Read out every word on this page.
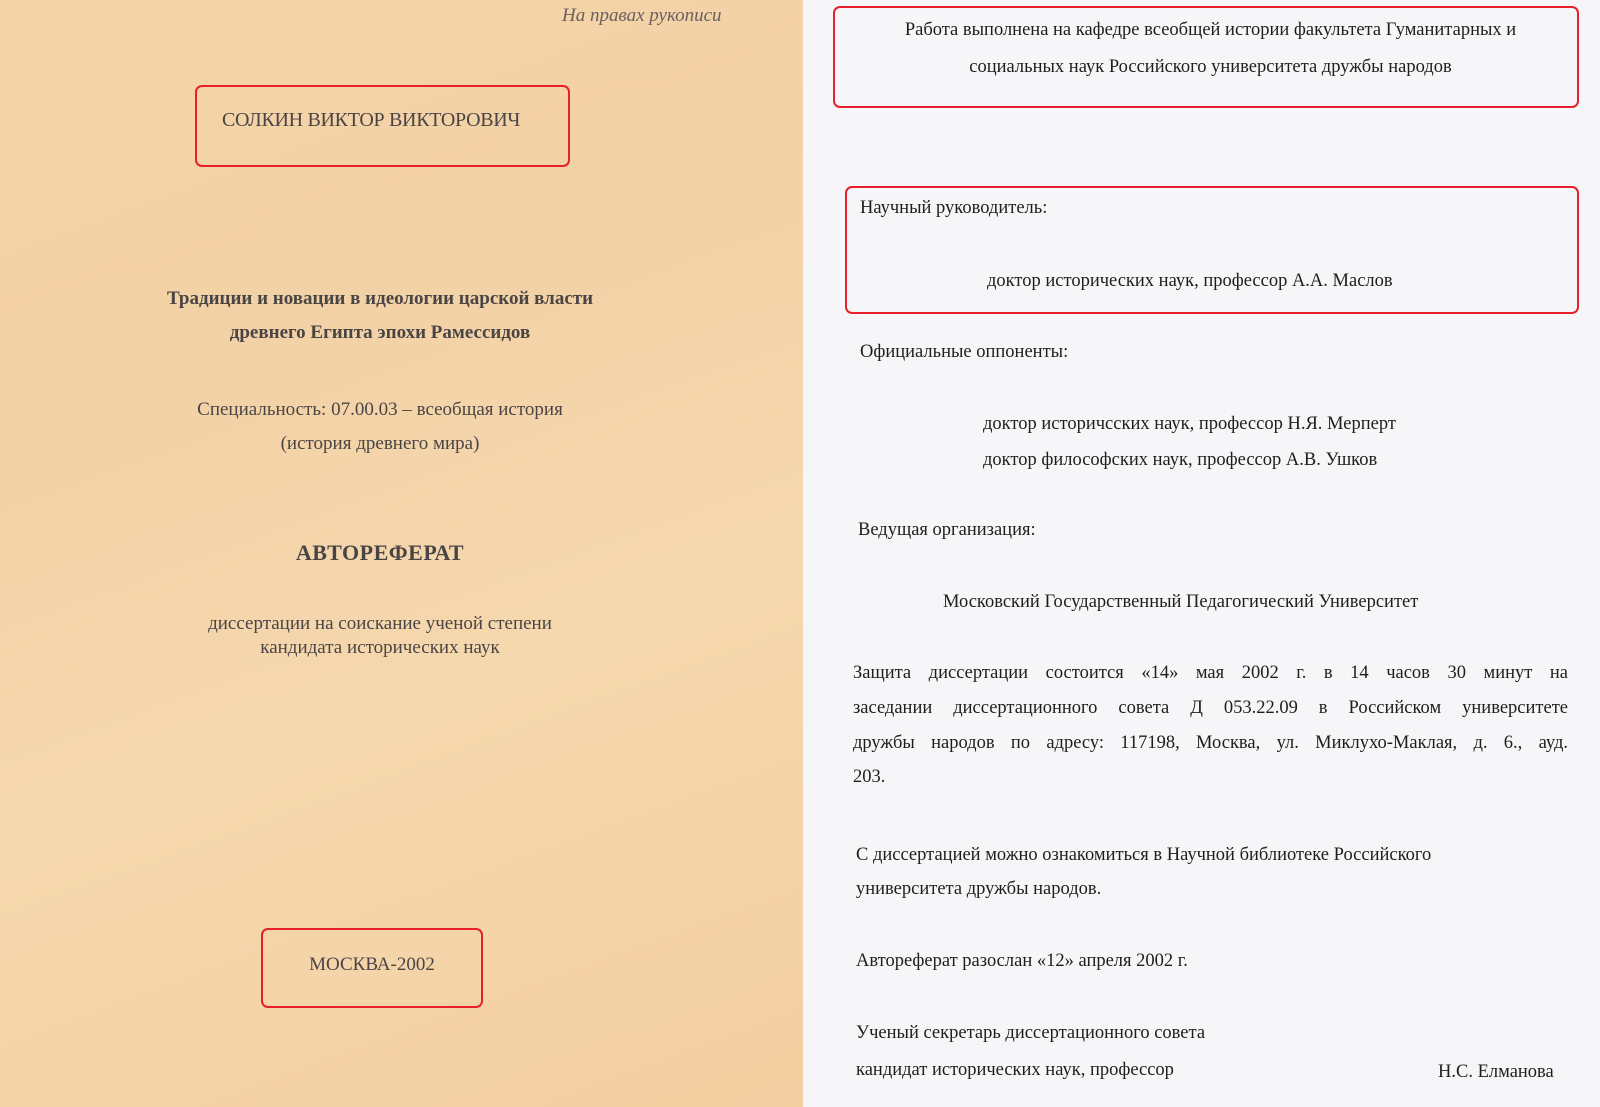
На правах рукописи
СОЛКИН ВИКТОР ВИКТОРОВИЧ
Традиции и новации в идеологии царской власти
древнего Египта эпохи Рамессидов
Специальность: 07.00.03 – всеобщая история
(история древнего мира)
АВТОРЕФЕРАТ
диссертации на соискание ученой степени
кандидата исторических наук
МОСКВА-2002
Работа выполнена на кафедре всеобщей истории факультета Гуманитарных и
социальных наук Российского университета дружбы народов
Научный руководитель:
доктор исторических наук, профессор А.А. Маслов
Официальные оппоненты:
доктор историчсских наук, профессор Н.Я. Мерперт
доктор философских наук, профессор А.В. Ушков
Ведущая организация:
Московский Государственный Педагогический Университет
Защита диссертации состоится «14» мая 2002 г. в 14 часов 30 минут на
заседании диссертационного совета Д 053.22.09 в Российском университете
дружбы народов по адресу: 117198, Москва, ул. Миклухо-Маклая, д. 6., ауд.
203.
С диссертацией можно ознакомиться в Научной библиотеке Российского
университета дружбы народов.
Автореферат разослан «12» апреля 2002 г.
Ученый секретарь диссертационного совета
кандидат исторических наук, профессор	Н.С. Елманова
